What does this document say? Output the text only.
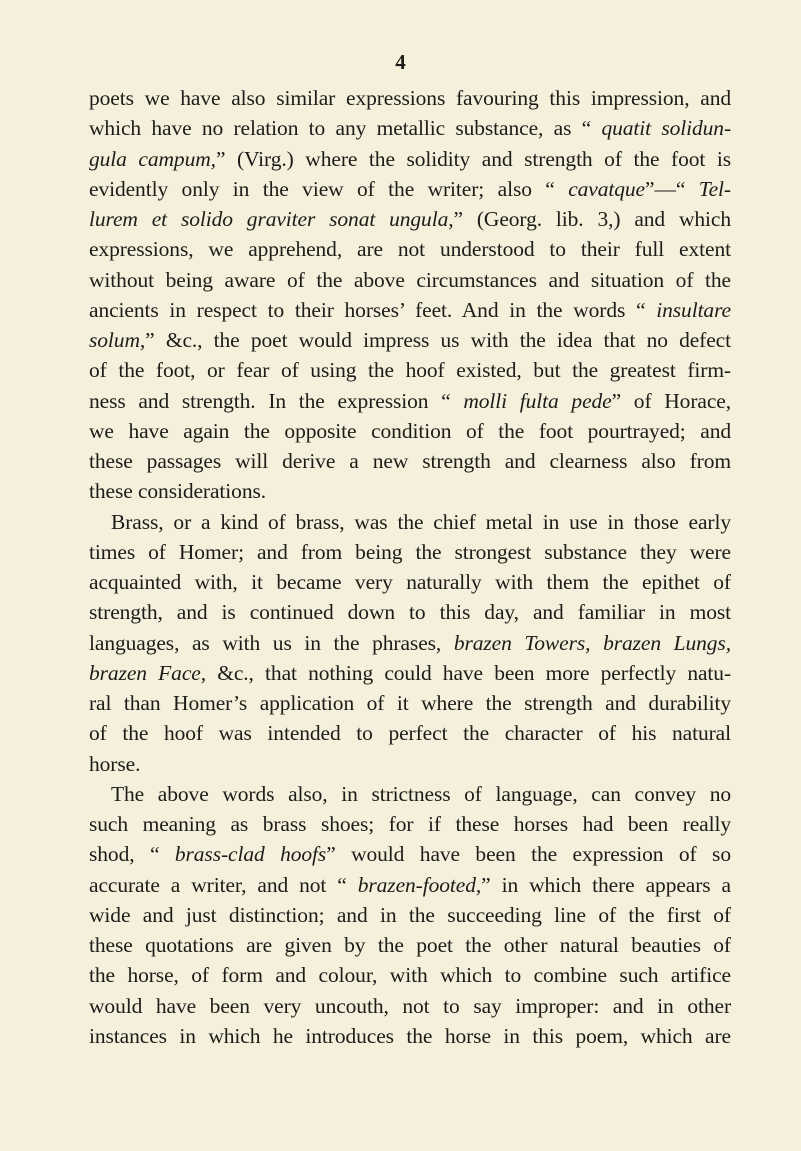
4
poets we have also similar expressions favouring this impression, and
which have no relation to any metallic substance, as “ quatit solidun-
gula campum,” (Virg.) where the solidity and strength of the foot is
evidently only in the view of the writer; also “ cavatque”—“ Tel-
lurem et solido graviter sonat ungula,” (Georg. lib. 3,) and which
expressions, we apprehend, are not understood to their full extent
without being aware of the above circumstances and situation of the
ancients in respect to their horses’ feet. And in the words “ insultare
solum,” &c., the poet would impress us with the idea that no defect
of the foot, or fear of using the hoof existed, but the greatest firm-
ness and strength. In the expression “ molli fulta pede” of Horace,
we have again the opposite condition of the foot pourtrayed; and
these passages will derive a new strength and clearness also from
these considerations.
Brass, or a kind of brass, was the chief metal in use in those early
times of Homer; and from being the strongest substance they were
acquainted with, it became very naturally with them the epithet of
strength, and is continued down to this day, and familiar in most
languages, as with us in the phrases, brazen Towers, brazen Lungs,
brazen Face, &c., that nothing could have been more perfectly natu-
ral than Homer’s application of it where the strength and durability
of the hoof was intended to perfect the character of his natural
horse.
The above words also, in strictness of language, can convey no
such meaning as brass shoes; for if these horses had been really
shod, “ brass-clad hoofs” would have been the expression of so
accurate a writer, and not “ brazen-footed,” in which there appears a
wide and just distinction; and in the succeeding line of the first of
these quotations are given by the poet the other natural beauties of
the horse, of form and colour, with which to combine such artifice
would have been very uncouth, not to say improper: and in other
instances in which he introduces the horse in this poem, which are
